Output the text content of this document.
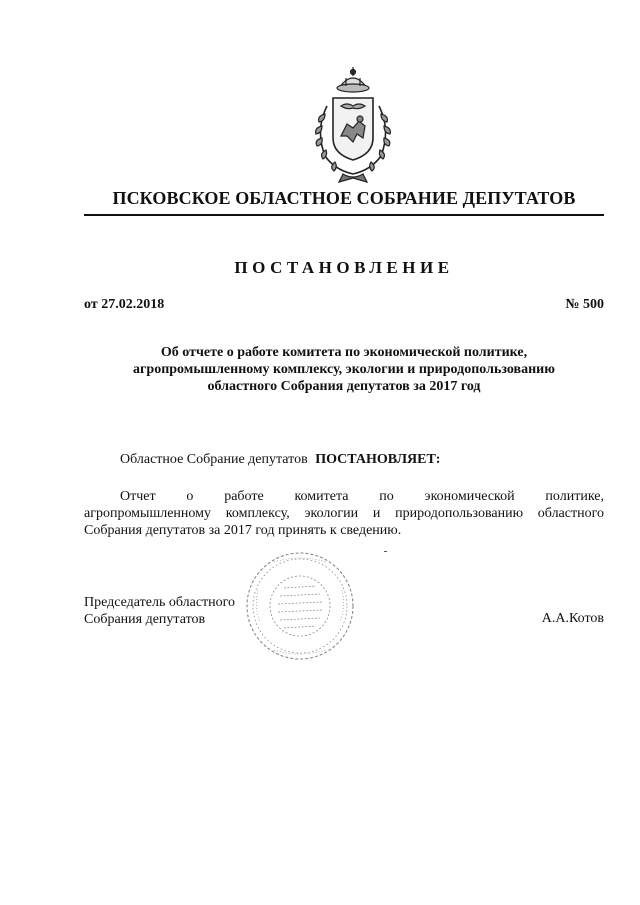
ПСКОВСКОЕ ОБЛАСТНОЕ СОБРАНИЕ ДЕПУТАТОВ
ПОСТАНОВЛЕНИЕ
от 27.02.2018	№ 500
Об отчете о работе комитета по экономической политике,
агропромышленному комплексу, экологии и природопользованию
областного Собрания депутатов за 2017 год
Областное Собрание депутатов ПОСТАНОВЛЯЕТ:
Отчет о работе комитета по экономической политике,
агропромышленному комплексу, экологии и природопользованию областного
Собрания депутатов за 2017 год принять к сведению.
Председатель областного
Собрания депутатов	А.А.Котов
